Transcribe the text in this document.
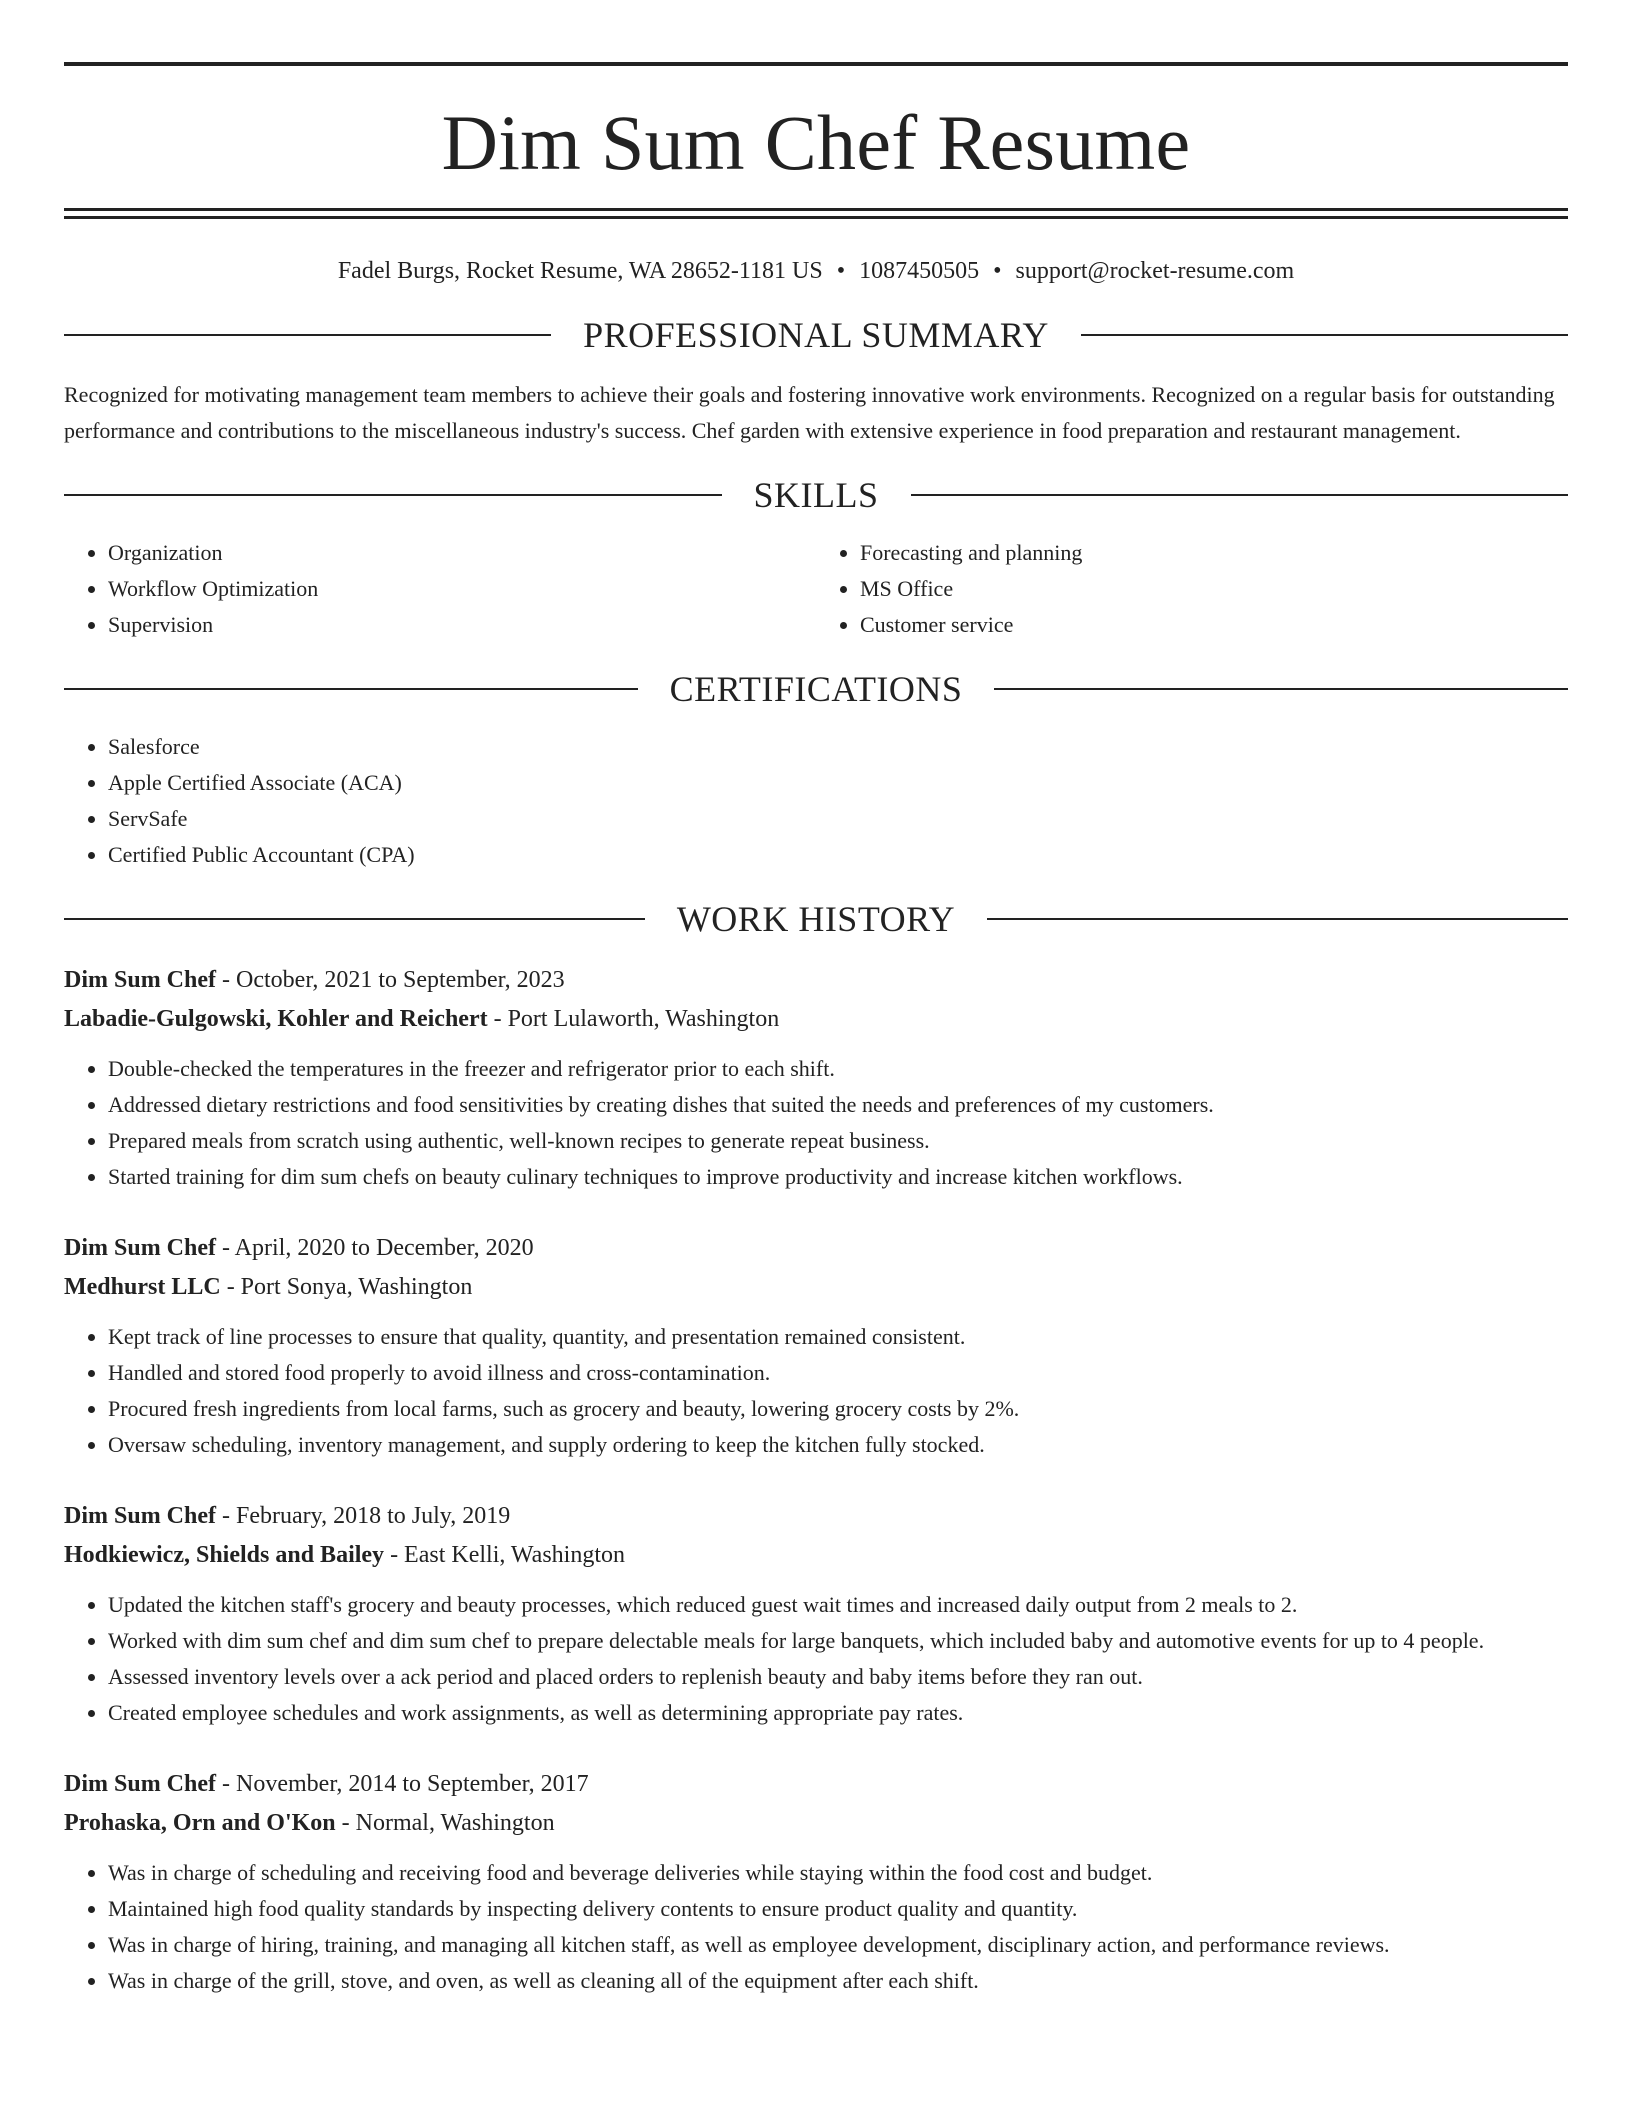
Dim Sum Chef Resume
Fadel Burgs, Rocket Resume, WA 28652-1181 US • 1087450505 • support@rocket-resume.com
PROFESSIONAL SUMMARY

Recognized for motivating management team members to achieve their goals and fostering innovative work environments. Recognized on a regular basis for outstanding performance and contributions to the miscellaneous industry's success. Chef garden with extensive experience in food preparation and restaurant management.

SKILLS
• Organization
• Workflow Optimization
• Supervision
• Forecasting and planning
• MS Office
• Customer service
CERTIFICATIONS
• Salesforce
• Apple Certified Associate (ACA)
• ServSafe
• Certified Public Accountant (CPA)
WORK HISTORY
Dim Sum Chef - October, 2021 to September, 2023
Labadie-Gulgowski, Kohler and Reichert - Port Lulaworth, Washington
• Double-checked the temperatures in the freezer and refrigerator prior to each shift.
• Addressed dietary restrictions and food sensitivities by creating dishes that suited the needs and preferences of my customers.
• Prepared meals from scratch using authentic, well-known recipes to generate repeat business.
• Started training for dim sum chefs on beauty culinary techniques to improve productivity and increase kitchen workflows.
Dim Sum Chef - April, 2020 to December, 2020
Medhurst LLC - Port Sonya, Washington
• Kept track of line processes to ensure that quality, quantity, and presentation remained consistent.
• Handled and stored food properly to avoid illness and cross-contamination.
• Procured fresh ingredients from local farms, such as grocery and beauty, lowering grocery costs by 2%.
• Oversaw scheduling, inventory management, and supply ordering to keep the kitchen fully stocked.
Dim Sum Chef - February, 2018 to July, 2019
Hodkiewicz, Shields and Bailey - East Kelli, Washington
• Updated the kitchen staff's grocery and beauty processes, which reduced guest wait times and increased daily output from 2 meals to 2.
• Worked with dim sum chef and dim sum chef to prepare delectable meals for large banquets, which included baby and automotive events for up to 4 people.
• Assessed inventory levels over a ack period and placed orders to replenish beauty and baby items before they ran out.
• Created employee schedules and work assignments, as well as determining appropriate pay rates.
Dim Sum Chef - November, 2014 to September, 2017
Prohaska, Orn and O'Kon - Normal, Washington
• Was in charge of scheduling and receiving food and beverage deliveries while staying within the food cost and budget.
• Maintained high food quality standards by inspecting delivery contents to ensure product quality and quantity.
• Was in charge of hiring, training, and managing all kitchen staff, as well as employee development, disciplinary action, and performance reviews.
• Was in charge of the grill, stove, and oven, as well as cleaning all of the equipment after each shift.
